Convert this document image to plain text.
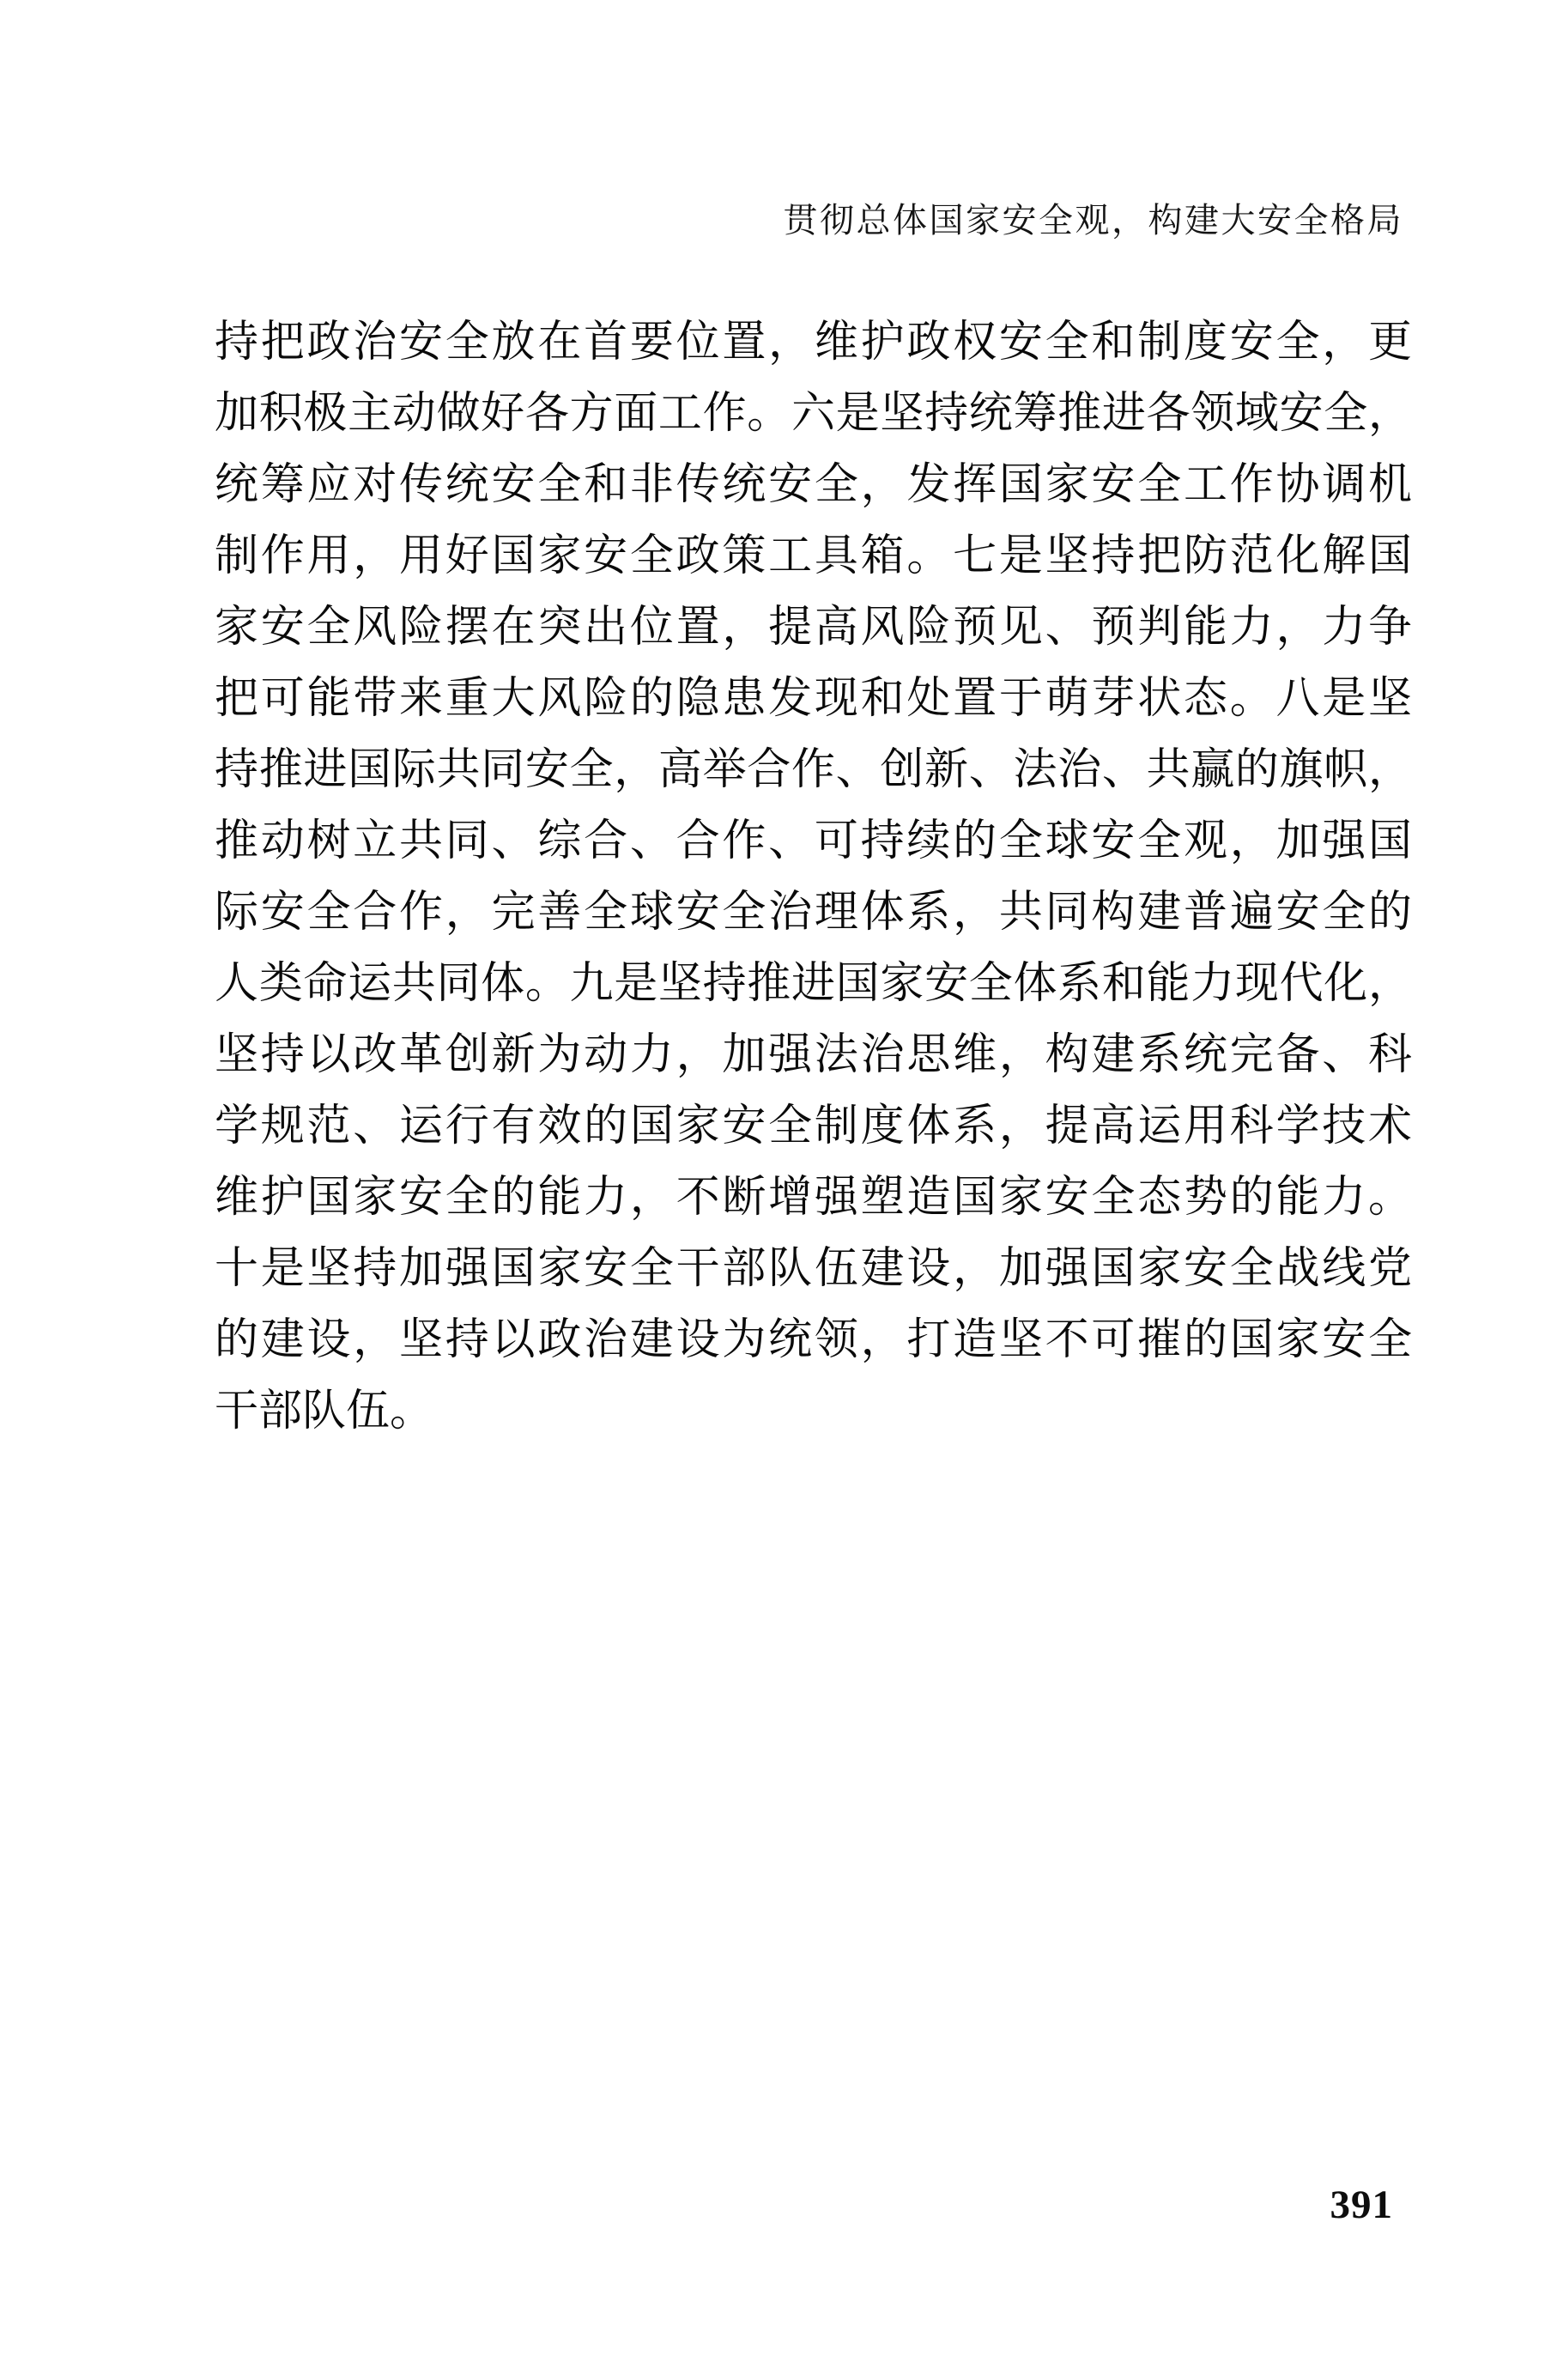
贯彻总体国家安全观，构建大安全格局
持把政治安全放在首要位置，维护政权安全和制度安全，更
加积极主动做好各方面工作。六是坚持统筹推进各领域安全，
统筹应对传统安全和非传统安全，发挥国家安全工作协调机
制作用，用好国家安全政策工具箱。七是坚持把防范化解国
家安全风险摆在突出位置，提高风险预见、预判能力，力争
把可能带来重大风险的隐患发现和处置于萌芽状态。八是坚
持推进国际共同安全，高举合作、创新、法治、共赢的旗帜，
推动树立共同、综合、合作、可持续的全球安全观，加强国
际安全合作，完善全球安全治理体系，共同构建普遍安全的
人类命运共同体。九是坚持推进国家安全体系和能力现代化，
坚持以改革创新为动力，加强法治思维，构建系统完备、科
学规范、运行有效的国家安全制度体系，提高运用科学技术
维护国家安全的能力，不断增强塑造国家安全态势的能力。
十是坚持加强国家安全干部队伍建设，加强国家安全战线党
的建设，坚持以政治建设为统领，打造坚不可摧的国家安全
干部队伍。
391
